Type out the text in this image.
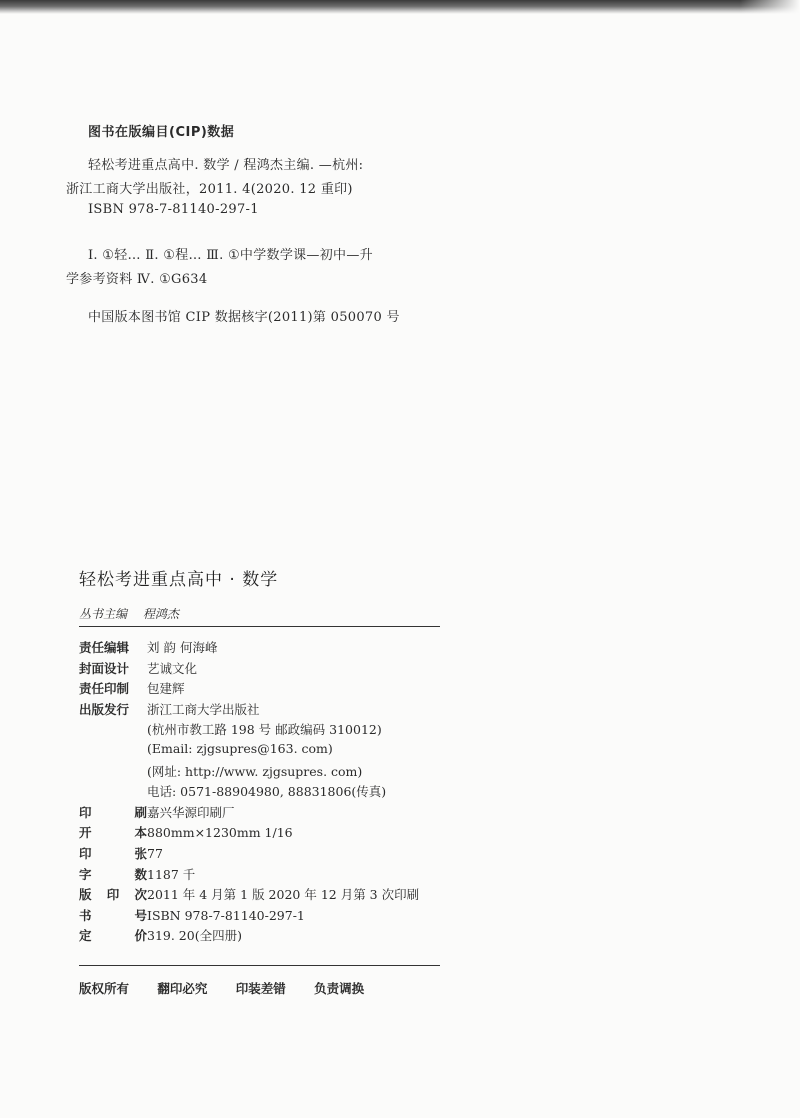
图书在版编目(CIP)数据
轻松考进重点高中. 数学 / 程鸿杰主编. —杭州:
浙江工商大学出版社，2011. 4(2020. 12 重印)
ISBN 978-7-81140-297-1
Ⅰ. ①轻… Ⅱ. ①程… Ⅲ. ①中学数学课—初中—升
学参考资料 Ⅳ. ①G634
中国版本图书馆 CIP 数据核字(2011)第 050070 号
轻松考进重点高中 · 数学
丛书主编 程鸿杰
责任编辑 刘 韵 何海峰
封面设计 艺诚文化
责任印制 包建辉
出版发行 浙江工商大学出版社
(杭州市教工路 198 号 邮政编码 310012)
(Email: zjgsupres@163. com)
(网址: http://www. zjgsupres. com)
电话: 0571-88904980, 88831806(传真)
印	刷 嘉兴华源印刷厂
开	本 880mm×1230mm 1/16
印	张 77
字	数 1187 千
版 印 次 2011 年 4 月第 1 版 2020 年 12 月第 3 次印刷
书	号 ISBN 978-7-81140-297-1
定	价 319. 20(全四册)
版权所有 翻印必究 印装差错 负责调换
